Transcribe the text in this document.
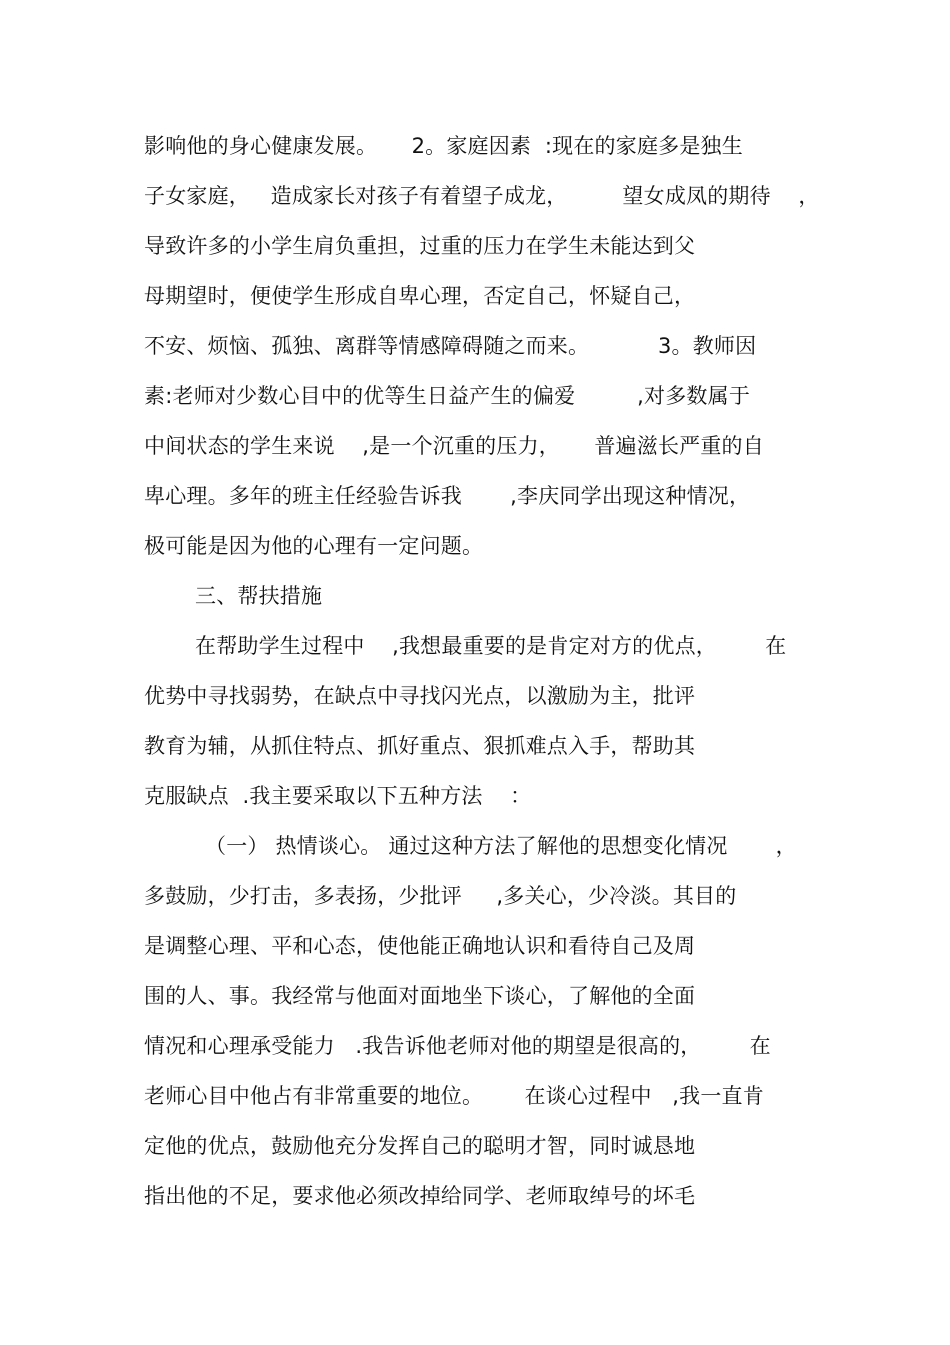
影响他的身心健康发展。     2。家庭因素  :现在的家庭多是独生
子女家庭，   造成家长对孩子有着望子成龙，        望女成凤的期待    ，
导致许多的小学生肩负重担，过重的压力在学生未能达到父
母期望时，便使学生形成自卑心理，否定自己，怀疑自己，
不安、烦恼、孤独、离群等情感障碍随之而来。          3。教师因
素:老师对少数心目中的优等生日益产生的偏爱         ,对多数属于
中间状态的学生来说    ,是一个沉重的压力，     普遍滋长严重的自
卑心理。多年的班主任经验告诉我       ,李庆同学出现这种情况，
极可能是因为他的心理有一定问题。
三、帮扶措施
在帮助学生过程中    ,我想最重要的是肯定对方的优点，       在
优势中寻找弱势，在缺点中寻找闪光点，以激励为主，批评
教育为辅，从抓住特点、抓好重点、狠抓难点入手，帮助其
克服缺点  .我主要采取以下五种方法    ：
（一） 热情谈心。 通过这种方法了解他的思想变化情况       ，
多鼓励，少打击，多表扬，少批评     ,多关心，少冷淡。其目的
是调整心理、平和心态，使他能正确地认识和看待自己及周
围的人、事。我经常与他面对面地坐下谈心，了解他的全面
情况和心理承受能力   .我告诉他老师对他的期望是很高的，       在
老师心目中他占有非常重要的地位。      在谈心过程中   ,我一直肯
定他的优点，鼓励他充分发挥自己的聪明才智，同时诚恳地
指出他的不足，要求他必须改掉给同学、老师取绰号的坏毛
